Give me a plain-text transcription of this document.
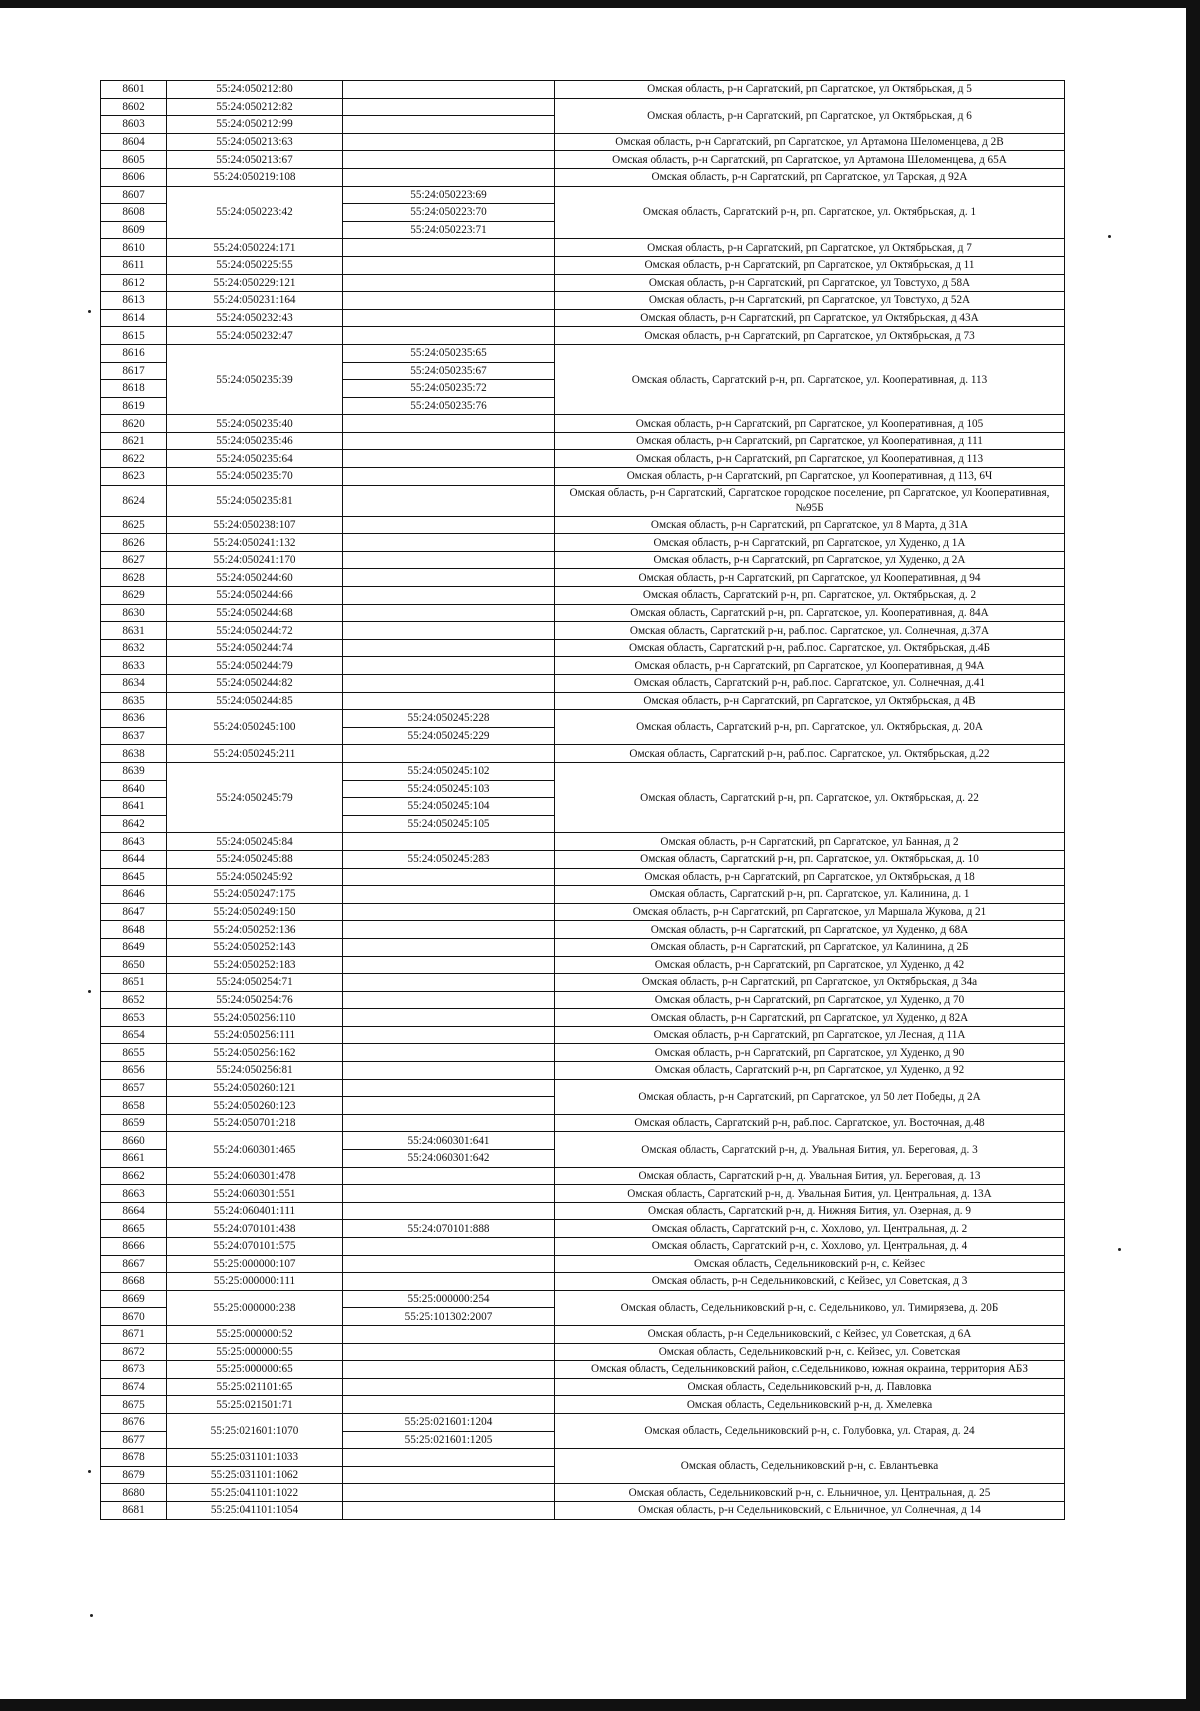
8601	55:24:050212:80		Омская область, р-н Саргатский, рп Саргатское, ул Октябрьская, д 5
8602	55:24:050212:82		Омская область, р-н Саргатский, рп Саргатское, ул Октябрьская, д 6
8603	55:24:050212:99		
8604	55:24:050213:63		Омская область, р-н Саргатский, рп Саргатское, ул Артамона Шеломенцева, д 2В
8605	55:24:050213:67		Омская область, р-н Саргатский, рп Саргатское, ул Артамона Шеломенцева, д 65А
8606	55:24:050219:108		Омская область, р-н Саргатский, рп Саргатское, ул Тарская, д 92А
8607	55:24:050223:42	55:24:050223:69	Омская область, Саргатский р-н, рп. Саргатское, ул. Октябрьская, д. 1
8608		55:24:050223:70	
8609		55:24:050223:71	
8610	55:24:050224:171		Омская область, р-н Саргатский, рп Саргатское, ул Октябрьская, д 7
8611	55:24:050225:55		Омская область, р-н Саргатский, рп Саргатское, ул Октябрьская, д 11
8612	55:24:050229:121		Омская область, р-н Саргатский, рп Саргатское, ул Товстухо, д 58А
8613	55:24:050231:164		Омская область, р-н Саргатский, рп Саргатское, ул Товстухо, д 52А
8614	55:24:050232:43		Омская область, р-н Саргатский, рп Саргатское, ул Октябрьская, д 43А
8615	55:24:050232:47		Омская область, р-н Саргатский, рп Саргатское, ул Октябрьская, д 73
8616	55:24:050235:39	55:24:050235:65	Омская область, Саргатский р-н, рп. Саргатское, ул. Кооперативная, д. 113
8617		55:24:050235:67	
8618		55:24:050235:72	
8619		55:24:050235:76	
8620	55:24:050235:40		Омская область, р-н Саргатский, рп Саргатское, ул Кооперативная, д 105
8621	55:24:050235:46		Омская область, р-н Саргатский, рп Саргатское, ул Кооперативная, д 111
8622	55:24:050235:64		Омская область, р-н Саргатский, рп Саргатское, ул Кооперативная, д 113
8623	55:24:050235:70		Омская область, р-н Саргатский, рп Саргатское, ул Кооперативная, д 113, 6Ч
8624	55:24:050235:81		Омская область, р-н Саргатский, Саргатское городское поселение, рп Саргатское, ул Кооперативная, №95Б
8625	55:24:050238:107		Омская область, р-н Саргатский, рп Саргатское, ул 8 Марта, д 31А
8626	55:24:050241:132		Омская область, р-н Саргатский, рп Саргатское, ул Худенко, д 1А
8627	55:24:050241:170		Омская область, р-н Саргатский, рп Саргатское, ул Худенко, д 2А
8628	55:24:050244:60		Омская область, р-н Саргатский, рп Саргатское, ул Кооперативная, д 94
8629	55:24:050244:66		Омская область, Саргатский р-н, рп. Саргатское, ул. Октябрьская, д. 2
8630	55:24:050244:68		Омская область, Саргатский р-н, рп. Саргатское, ул. Кооперативная, д. 84А
8631	55:24:050244:72		Омская область, Саргатский р-н, раб.пос. Саргатское, ул. Солнечная, д.37А
8632	55:24:050244:74		Омская область, Саргатский р-н, раб.пос. Саргатское, ул. Октябрьская, д.4Б
8633	55:24:050244:79		Омская область, р-н Саргатский, рп Саргатское, ул Кооперативная, д 94А
8634	55:24:050244:82		Омская область, Саргатский р-н, раб.пос. Саргатское, ул. Солнечная, д.41
8635	55:24:050244:85		Омская область, р-н Саргатский, рп Саргатское, ул Октябрьская, д 4В
8636	55:24:050245:100	55:24:050245:228	Омская область, Саргатский р-н, рп. Саргатское, ул. Октябрьская, д. 20А
8637		55:24:050245:229	
8638	55:24:050245:211		Омская область, Саргатский р-н, раб.пос. Саргатское, ул. Октябрьская, д.22
8639	55:24:050245:79	55:24:050245:102	Омская область, Саргатский р-н, рп. Саргатское, ул. Октябрьская, д. 22
8640		55:24:050245:103	
8641		55:24:050245:104	
8642		55:24:050245:105	
8643	55:24:050245:84		Омская область, р-н Саргатский, рп Саргатское, ул Банная, д 2
8644	55:24:050245:88	55:24:050245:283	Омская область, Саргатский р-н, рп. Саргатское, ул. Октябрьская, д. 10
8645	55:24:050245:92		Омская область, р-н Саргатский, рп Саргатское, ул Октябрьская, д 18
8646	55:24:050247:175		Омская область, Саргатский р-н, рп. Саргатское, ул. Калинина, д. 1
8647	55:24:050249:150		Омская область, р-н Саргатский, рп Саргатское, ул Маршала Жукова, д 21
8648	55:24:050252:136		Омская область, р-н Саргатский, рп Саргатское, ул Худенко, д 68А
8649	55:24:050252:143		Омская область, р-н Саргатский, рп Саргатское, ул Калинина, д 2Б
8650	55:24:050252:183		Омская область, р-н Саргатский, рп Саргатское, ул Худенко, д 42
8651	55:24:050254:71		Омская область, р-н Саргатский, рп Саргатское, ул Октябрьская, д 34а
8652	55:24:050254:76		Омская область, р-н Саргатский, рп Саргатское, ул Худенко, д 70
8653	55:24:050256:110		Омская область, р-н Саргатский, рп Саргатское, ул Худенко, д 82А
8654	55:24:050256:111		Омская область, р-н Саргатский, рп Саргатское, ул Лесная, д 11А
8655	55:24:050256:162		Омская область, р-н Саргатский, рп Саргатское, ул Худенко, д 90
8656	55:24:050256:81		Омская область, Саргатский р-н, рп Саргатское, ул Худенко, д 92
8657	55:24:050260:121		Омская область, р-н Саргатский, рп Саргатское, ул 50 лет Победы, д 2А
8658	55:24:050260:123		
8659	55:24:050701:218		Омская область, Саргатский р-н, раб.пос. Саргатское, ул. Восточная, д.48
8660	55:24:060301:465	55:24:060301:641	Омская область, Саргатский р-н, д. Увальная Бития, ул. Береговая, д. 3
8661		55:24:060301:642	
8662	55:24:060301:478		Омская область, Саргатский р-н, д. Увальная Бития, ул. Береговая, д. 13
8663	55:24:060301:551		Омская область, Саргатский р-н, д. Увальная Бития, ул. Центральная, д. 13А
8664	55:24:060401:111		Омская область, Саргатский р-н, д. Нижняя Бития, ул. Озерная, д. 9
8665	55:24:070101:438	55:24:070101:888	Омская область, Саргатский р-н, с. Хохлово, ул. Центральная, д. 2
8666	55:24:070101:575		Омская область, Саргатский р-н, с. Хохлово, ул. Центральная, д. 4
8667	55:25:000000:107		Омская область, Седельниковский р-н, с. Кейзес
8668	55:25:000000:111		Омская область, р-н Седельниковский, с Кейзес, ул Советская, д 3
8669	55:25:000000:238	55:25:000000:254	Омская область, Седельниковский р-н, с. Седельниково, ул. Тимирязева, д. 20Б
8670		55:25:101302:2007	
8671	55:25:000000:52		Омская область, р-н Седельниковский, с Кейзес, ул Советская, д 6А
8672	55:25:000000:55		Омская область, Седельниковский р-н, с. Кейзес, ул. Советская
8673	55:25:000000:65		Омская область, Седельниковский район, с.Седельниково, южная окраина, территория АБЗ
8674	55:25:021101:65		Омская область, Седельниковский р-н, д. Павловка
8675	55:25:021501:71		Омская область, Седельниковский р-н, д. Хмелевка
8676	55:25:021601:1070	55:25:021601:1204	Омская область, Седельниковский р-н, с. Голубовка, ул. Старая, д. 24
8677		55:25:021601:1205	
8678	55:25:031101:1033		Омская область, Седельниковский р-н, с. Евлантьевка
8679	55:25:031101:1062		
8680	55:25:041101:1022		Омская область, Седельниковский р-н, с. Ельничное, ул. Центральная, д. 25
8681	55:25:041101:1054		Омская область, р-н Седельниковский, с Ельничное, ул Солнечная, д 14
